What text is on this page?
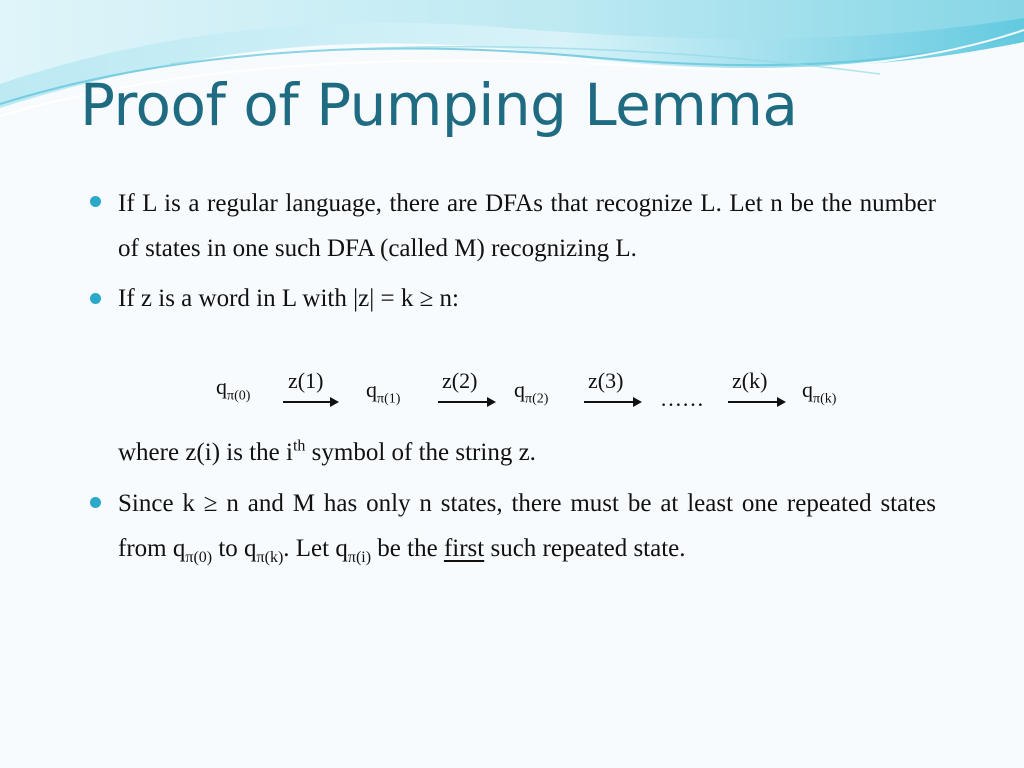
Proof of Pumping Lemma
If L is a regular language, there are DFAs that recognize L. Let n be the number of states in one such DFA (called M) recognizing L.
If z is a word in L with |z| = k ≥ n:
$q_{\pi(0)}$
z(1) $q_{\pi(1)}$
z(2) $q_{\pi(2)}$
z(3)
……
z(k) $q_{\pi(k)}$
where z(i) is the $i^{th}$ symbol of the string z.
Since k ≥ n and M has only n states, there must be at least one repeated states from $q_{\pi(0)}$ to $q_{\pi(k)}$. Let $q_{\pi(i)}$ be the first such repeated state.
